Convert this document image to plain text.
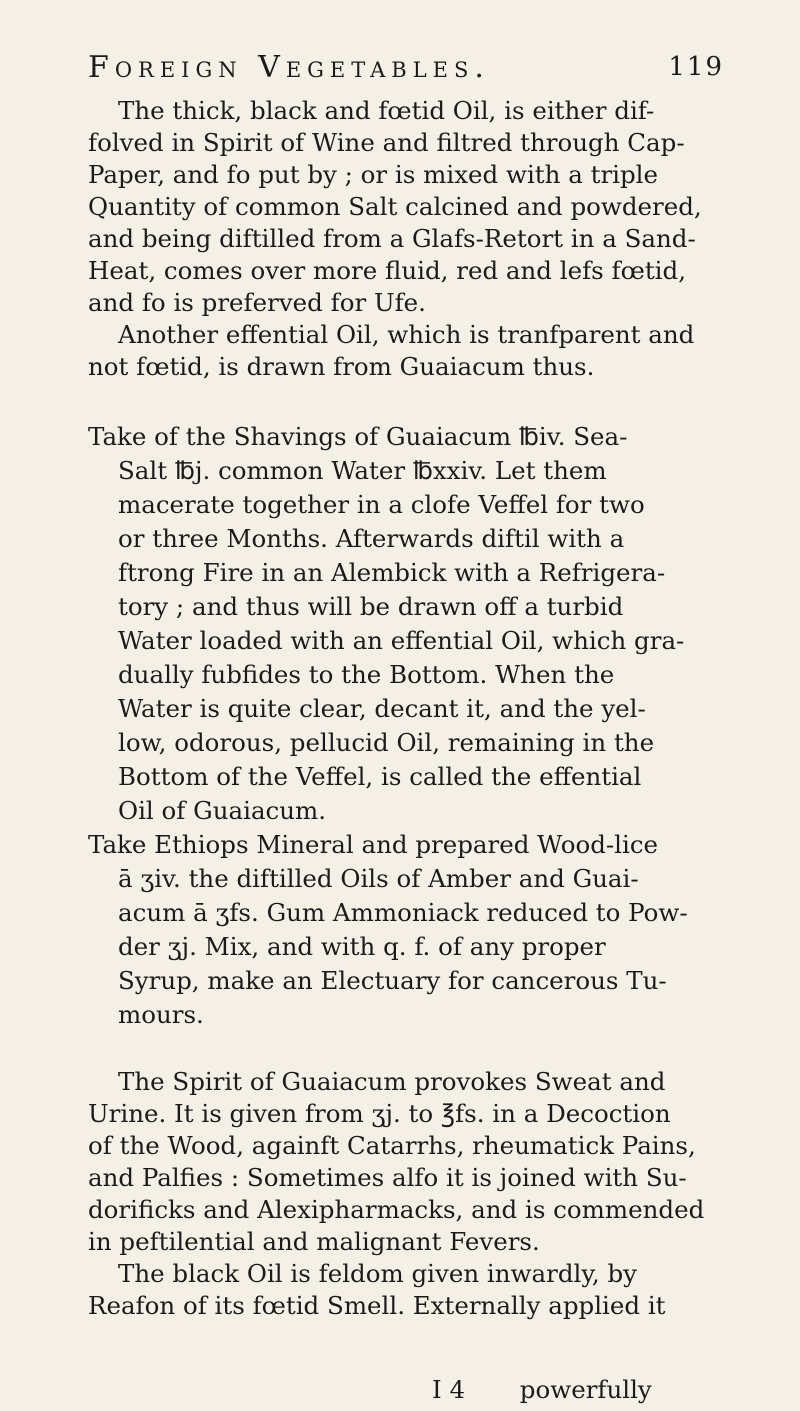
Foreign Vegetables.	119
The thick, black and fœtid Oil, is either dif-
folved in Spirit of Wine and filtred through Cap-
Paper, and fo put by ; or is mixed with a triple
Quantity of common Salt calcined and powdered,
and being diftilled from a Glafs-Retort in a Sand-
Heat, comes over more fluid, red and lefs fœtid,
and fo is preferved for Ufe.
Another effential Oil, which is tranfparent and
not fœtid, is drawn from Guaiacum thus.
Take of the Shavings of Guaiacum ℔iv. Sea-
Salt ℔j. common Water ℔xxiv. Let them
macerate together in a clofe Veffel for two
or three Months. Afterwards diftil with a
ftrong Fire in an Alembick with a Refrigera-
tory ; and thus will be drawn off a turbid
Water loaded with an effential Oil, which gra-
dually fubfides to the Bottom. When the
Water is quite clear, decant it, and the yel-
low, odorous, pellucid Oil, remaining in the
Bottom of the Veffel, is called the effential
Oil of Guaiacum.
Take Ethiops Mineral and prepared Wood-lice
ā ʒiv. the diftilled Oils of Amber and Guai-
acum ā ʒfs. Gum Ammoniack reduced to Pow-
der ʒj. Mix, and with q. f. of any proper
Syrup, make an Electuary for cancerous Tu-
mours.
The Spirit of Guaiacum provokes Sweat and
Urine. It is given from ʒj. to ℥fs. in a Decoction
of the Wood, againft Catarrhs, rheumatick Pains,
and Palfies : Sometimes alfo it is joined with Su-
dorificks and Alexipharmacks, and is commended
in peftilential and malignant Fevers.
The black Oil is feldom given inwardly, by
Reafon of its fœtid Smell. Externally applied it
I 4 powerfully
